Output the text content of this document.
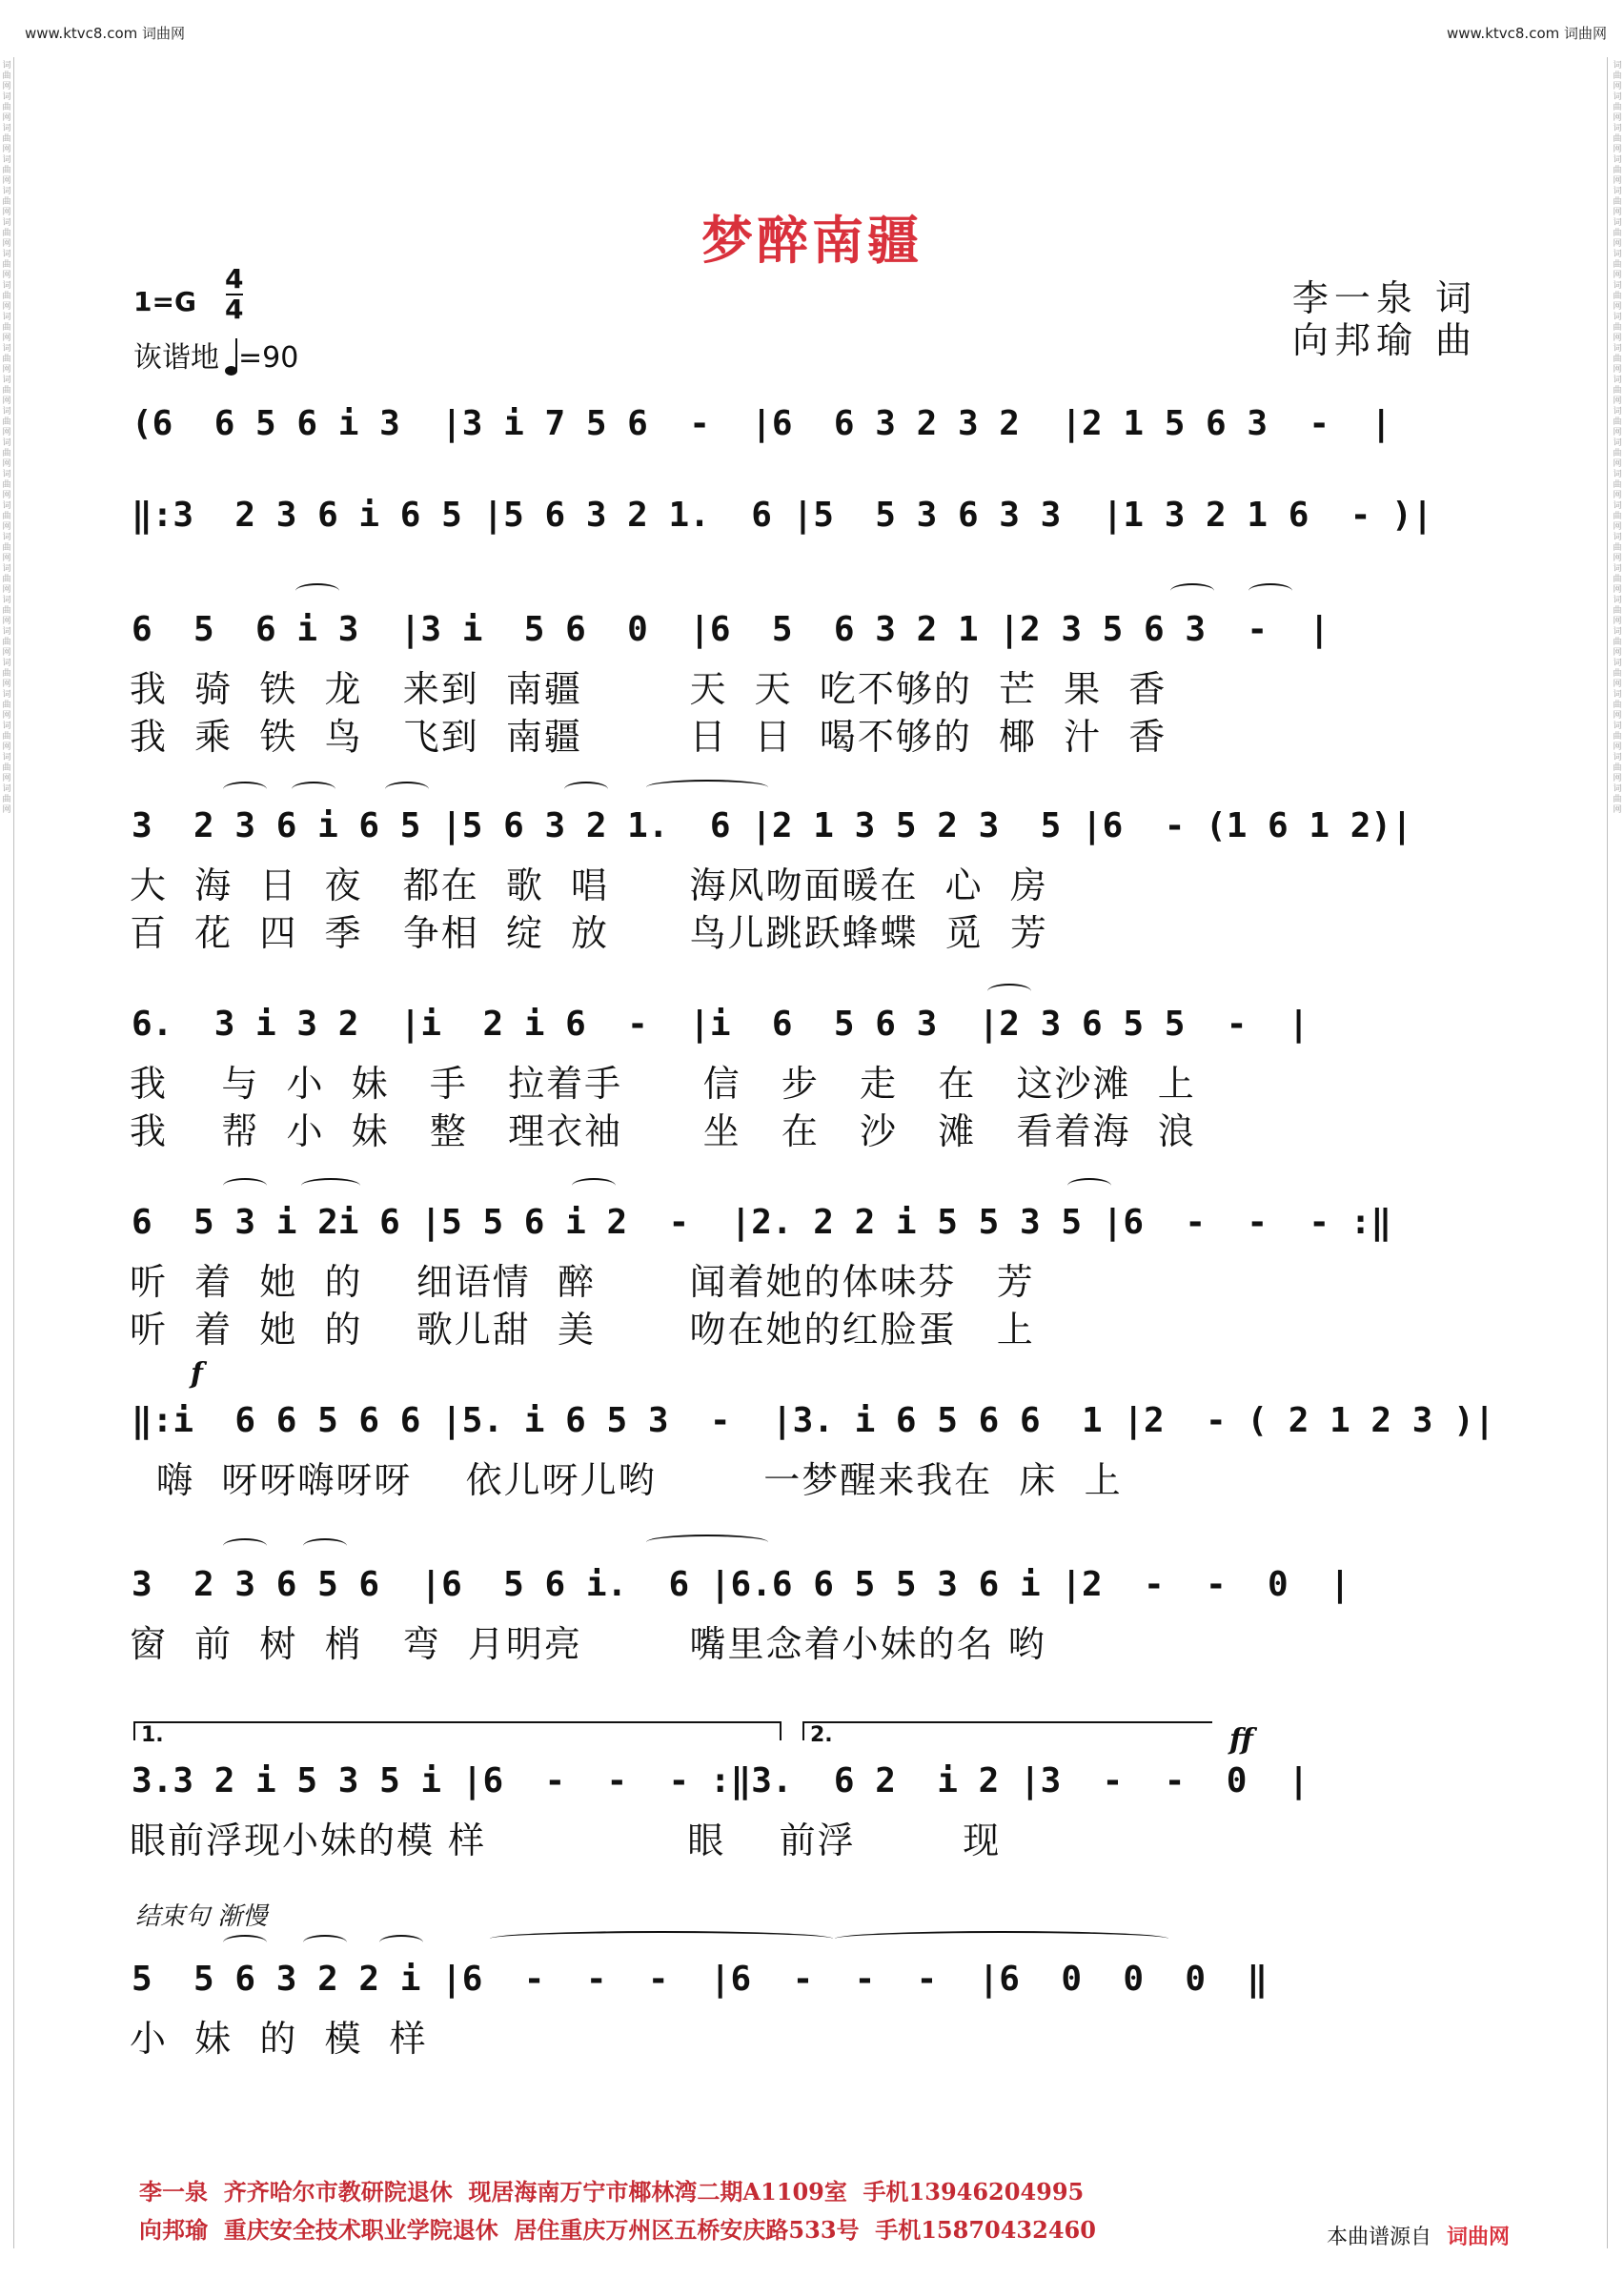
www.ktvc8.com 词曲网	www.ktvc8.com 词曲网
梦醉南疆
李一泉 词
向邦瑜 曲
1=G
4
4
诙谐地 =90
(6  6 5 6 i 3  |3 i 7 5 6  -  |6  6 3 2 3 2  |2 1 5 6 3  -  |
‖:3  2 3 6 i 6 5 |5 6 3 2 1.  6 |5  5 3 6 3 3  |1 3 2 1 6  - )|
6  5  6 i 3  |3 i  5 6  0  |6  5  6 3 2 1 |2 3 5 6 3  -  |
我  骑  铁  龙   来到  南疆        天  天  吃不够的  芒  果  香
我  乘  铁  鸟   飞到  南疆        日  日  喝不够的  椰  汁  香
3  2 3 6 i 6 5 |5 6 3 2 1.  6 |2 1 3 5 2 3  5 |6  - (1 6 1 2)|
大  海  日  夜   都在  歌  唱      海风吻面暖在  心  房
百  花  四  季   争相  绽  放      鸟儿跳跃蜂蝶  觅  芳
6.  3 i 3 2  |i  2 i 6  -  |i  6  5 6 3  |2 3 6 5 5  -  |
我    与  小  妹   手   拉着手      信   步   走   在   这沙滩  上
我    帮  小  妹   整   理衣袖      坐   在   沙   滩   看着海  浪
6  5 3 i 2i 6 |5 5 6 i 2  -  |2. 2 2 i 5 5 3 5 |6  -  -  - :‖
听  着  她  的    细语情  醉       闻着她的体味芬   芳
听  着  她  的    歌儿甜  美       吻在她的红脸蛋   上
f
‖:i  6 6 5 6 6 |5. i 6 5 3  -  |3. i 6 5 6 6  1 |2  - ( 2 1 2 3 )|
嗨  呀呀嗨呀呀    依儿呀儿哟        一梦醒来我在  床  上
3  2 3 6 5 6  |6  5 6 i.  6 |6.6 6 5 5 3 6 i |2  -  -  0  |
窗  前  树  梢   弯  月明亮        嘴里念着小妹的名 哟
1.	2.	ff
3.3 2 i 5 3 5 i |6  -  -  - :‖3.  6 2  i 2 |3  -  -  0  |
眼前浮现小妹的模 样               眼    前浮        现
结束句 渐慢
5  5 6 3 2 2 i |6  -  -  -  |6  -  -  -  |6  0  0  0  ‖
小  妹  的  模  样
李一泉  齐齐哈尔市教研院退休  现居海南万宁市椰林湾二期A1109室  手机13946204995
向邦瑜  重庆安全技术职业学院退休  居住重庆万州区五桥安庆路533号  手机15870432460	本曲谱源自 词曲网
词曲网词曲网词曲网词曲网词曲网词曲网词曲网词曲网词曲网词曲网词曲网词曲网词曲网词曲网词曲网词曲网词曲网词曲网词曲网词曲网词曲网词曲网词曲网词曲网
词曲网词曲网词曲网词曲网词曲网词曲网词曲网词曲网词曲网词曲网词曲网词曲网词曲网词曲网词曲网词曲网词曲网词曲网词曲网词曲网词曲网词曲网词曲网词曲网
